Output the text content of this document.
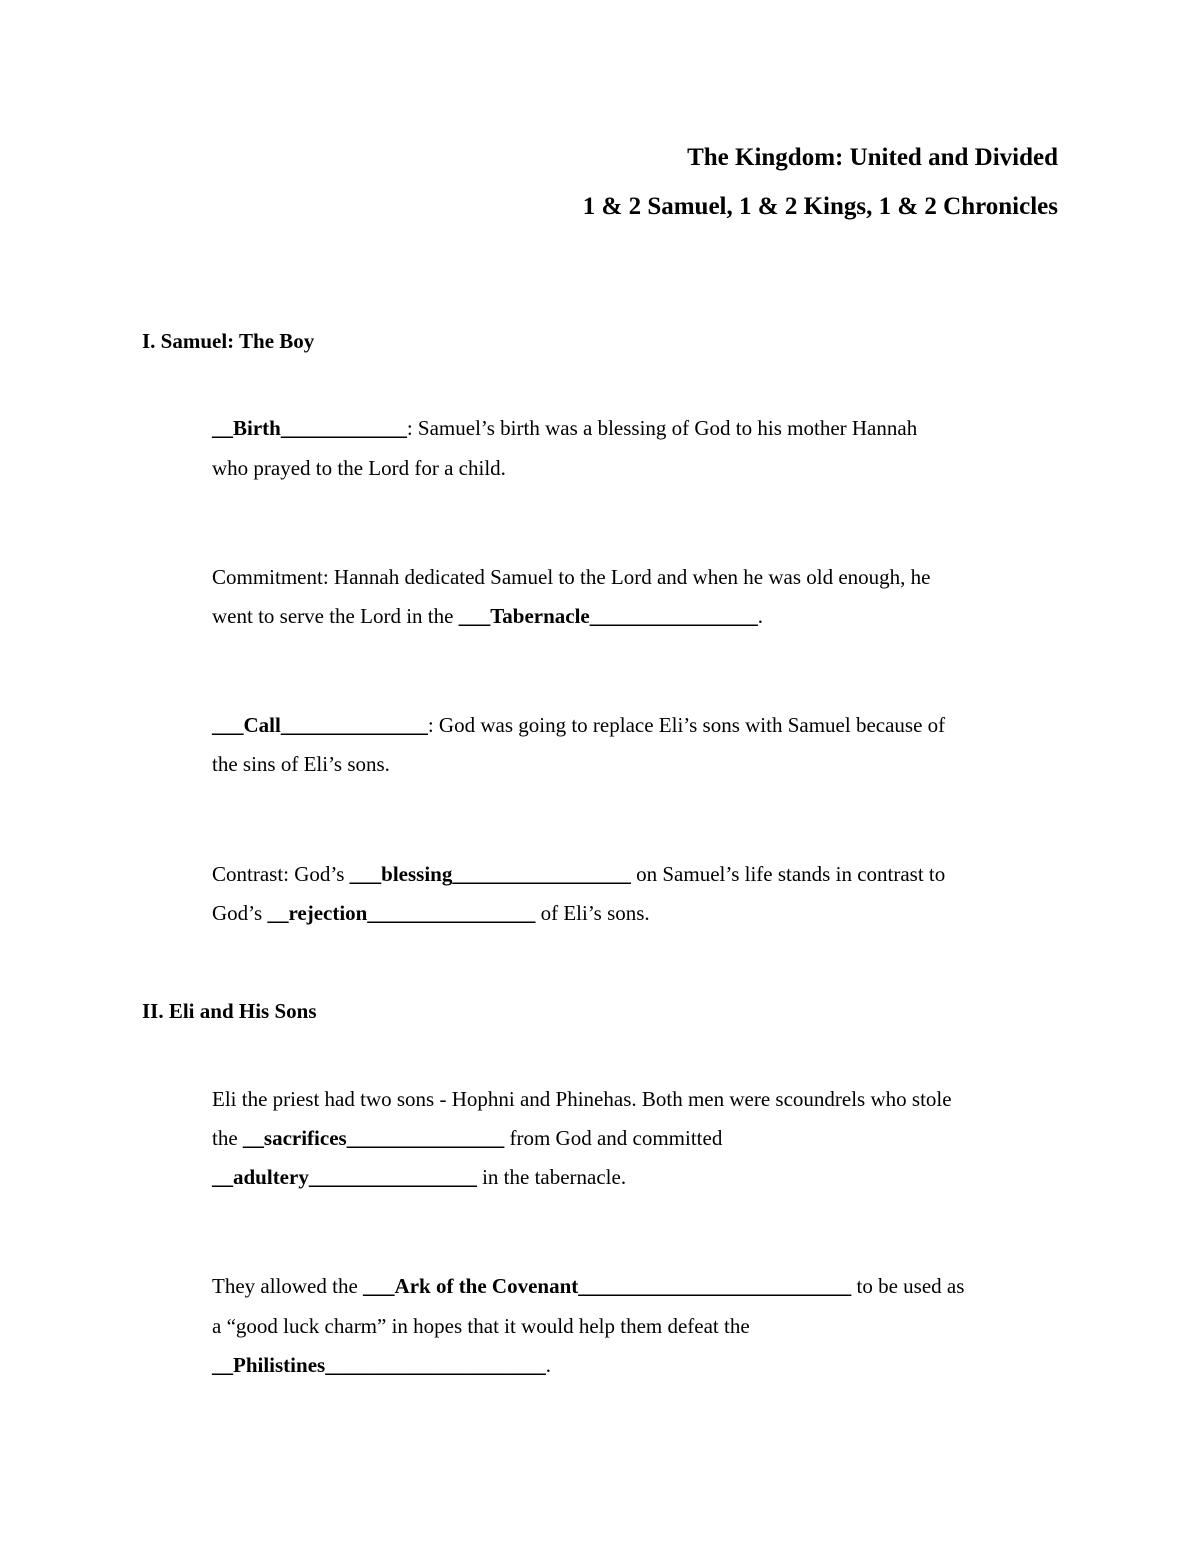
The Kingdom: United and Divided
1 & 2 Samuel, 1 & 2 Kings, 1 & 2 Chronicles
I. Samuel: The Boy
__Birth____________: Samuel’s birth was a blessing of God to his mother Hannah
who prayed to the Lord for a child.
Commitment: Hannah dedicated Samuel to the Lord and when he was old enough, he
went to serve the Lord in the ___Tabernacle________________.
___Call______________: God was going to replace Eli’s sons with Samuel because of
the sins of Eli’s sons.
Contrast: God’s ___blessing_________________ on Samuel’s life stands in contrast to
God’s __rejection________________ of Eli’s sons.
II. Eli and His Sons
Eli the priest had two sons - Hophni and Phinehas. Both men were scoundrels who stole
the __sacrifices_______________ from God and committed
__adultery________________ in the tabernacle.
They allowed the ___Ark of the Covenant__________________________ to be used as
a “good luck charm” in hopes that it would help them defeat the
__Philistines_____________________.
